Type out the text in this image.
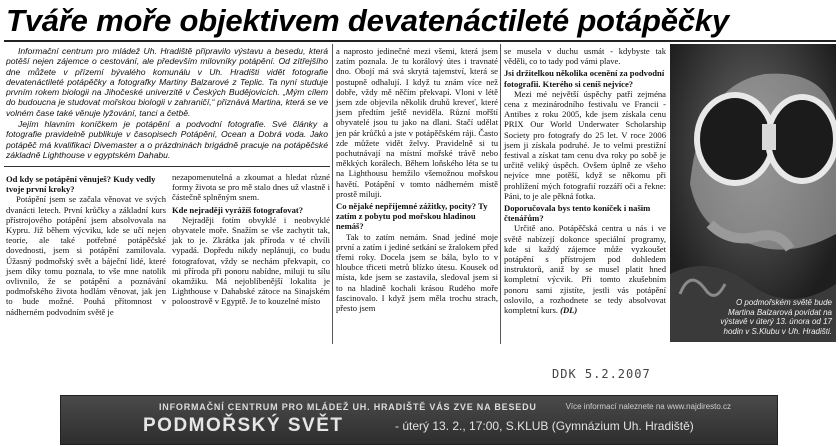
Tváře moře objektivem devatenáctileté potápěčky

Informační centrum pro mládež Uh. Hradiště připravilo výstavu a besedu, která potěší nejen zájemce o cestování, ale především milovníky potápění. Od zítřejšího dne můžete v přízemí bývalého komunálu v Uh. Hradišti vidět fotografie devatenáctileté potápěčky a fotografky Martiny Balzarové z Teplic. Ta nyní studuje prvním rokem biologii na Jihočeské univerzitě v Českých Budějovicích. „Mým cílem do budoucna je studovat mořskou biologii v zahraničí,“ přiznává Martina, která se ve volném čase také věnuje lyžování, tanci a četbě.

Jejím hlavním koníčkem je potápění a podvodní fotografie. Své články a fotografie pravidelně publikuje v časopisech Potápění, Ocean a Dobrá voda. Jako potápěč má kvalifikaci Divemaster a o prázdninách brigádně pracuje na potápěčské základně Lighthouse v egyptském Dahabu.

Od kdy se potápění věnuješ? Kudy vedly tvoje první kroky?

Potápění jsem se začala věnovat ve svých dvanácti letech. První krůčky a základní kurs přístrojového potápění jsem absolvovala na Kypru. Již během výcviku, kde se učí nejen teorie, ale také potřebné potápěčské dovednosti, jsem si potápění zamilovala. Úžasný podmořský svět a báječní lidé, které jsem díky tomu poznala, to vše mne natolik ovlivnilo, že se potápění a poznávání podmořského života hodlám věnovat, jak jen to bude možné. Pouhá přítomnost v nádherném podvodním světě je

nezapomenutelná a zkoumat a hledat různé formy života se pro mě stalo dnes už vlastně i částečně splněným snem.

Kde nejraději vyrážíš fotografovat?

Nejraději fotím obvyklé i neobvyklé obyvatele moře. Snažím se vše zachytit tak, jak to je. Zkrátka jak příroda v té chvíli vypadá. Dopředu nikdy neplánuji, co budu fotografovat, vždy se nechám překvapit, co mi příroda při ponoru nabídne, miluji tu sílu okamžiku. Má nejoblíbenější lokalita je Lighthouse v Dahabské zátoce na Sinajském poloostrově v Egyptě. Je to kouzelné místo

a naprosto jedinečné mezi všemi, která jsem zatím poznala. Je tu korálový útes i travnaté dno. Obojí má svá skrytá tajemství, která se postupně odhalují. I když tu znám více než dobře, vždy mě něčím překvapí. Vloni v létě jsem zde objevila několik druhů kreveť, které jsem předtím ještě neviděla. Různí mořští obyvatelé jsou tu jako na dlani. Stačí udělat jen pár krůčků a jste v potápěčském ráji. Často zde můžete vidět želvy. Pravidelně si tu pochutnávají na místní mořské trávě nebo měkkých korálech. Během loňského léta se tu na Lighthousu hemžilo všemožnou mořskou havětí. Potápění v tomto nádherném místě prostě miluji.

Co nějaké nepříjemné zážitky, pocity? Ty zatím z pobytu pod mořskou hladinou nemáš?

Tak to zatím nemám. Snad jediné moje první a zatím i jediné setkání se žralokem před třemi roky. Docela jsem se bála, bylo to v hloubce třiceti metrů blízko útesu. Kousek od místa, kde jsem se zastavila, sledoval jsem si to na hladině kochali krásou Rudého moře fascinovalo. I když jsem měla trochu strach, přesto jsem

se musela v duchu usmát - kdybyste tak věděli, co to tady pod vámi plave.

Jsi držitelkou několika ocenění za podvodní fotografii. Kterého si ceníš nejvíce?

Mezi mé největší úspěchy patří zejména cena z mezinárodního festivalu ve Francii - Antibes z roku 2005, kde jsem získala cenu PRIX Our World Underwater Scholarship Society pro fotografy do 25 let. V roce 2006 jsem ji získala podruhé. Je to velmi prestižní festival a získat tam cenu dva roky po sobě je určitě veliký úspěch. Ovšem úplně ze všeho nejvíce mne potěší, když se někomu při prohlížení mých fotografií rozzáří oči a řekne: Páni, to je ale pěkná fotka.

Doporučovala bys tento koníček i našim čtenářům?

Určitě ano. Potápěčská centra u nás i ve světě nabízejí dokonce speciální programy, kde si každý zájemce může vyzkoušet potápění s přístrojem pod dohledem instruktorů, aniž by se musel platit hned kompletní výcvik. Při tomto zkušebním ponoru sami zjistíte, jestli vás potápění oslovilo, a rozhodnete se tedy absolvovat kompletní kurs. (DL)

O podmořském světě bude Martina Balzarová povídat na výstavě v úterý 13. února od 17 hodin v S.Klubu v Uh. Hradišti.
DDK 5.2.2007
INFORMAČNÍ CENTRUM PRO MLÁDEŽ UH. HRADIŠTĚ VÁS ZVE NA BESEDU	Více informací naleznete na www.najdiresto.cz
PODMOŘSKÝ SVĚT	- úterý 13. 2., 17:00, S.KLUB (Gymnázium Uh. Hradiště)
